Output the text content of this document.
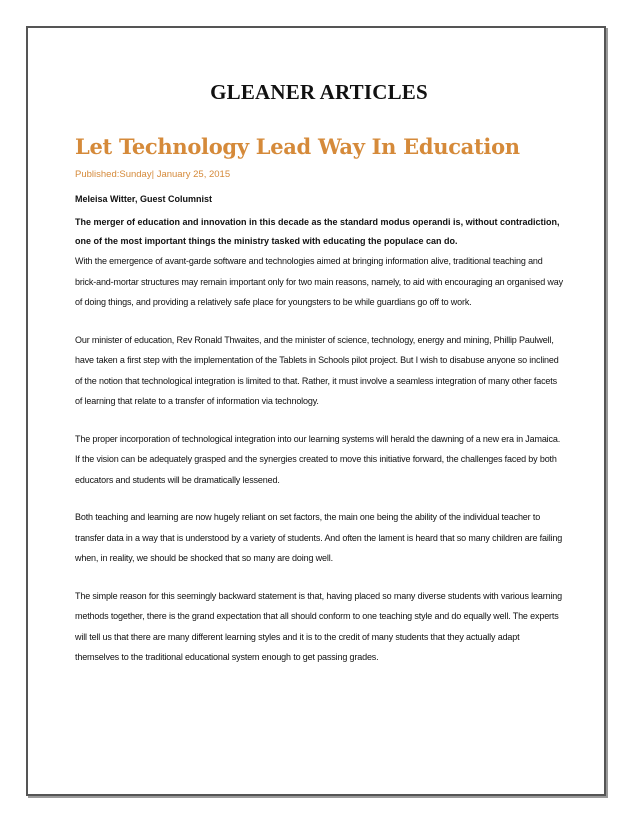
GLEANER ARTICLES
Let Technology Lead Way In Education
Published:Sunday| January 25, 2015
Meleisa Witter, Guest Columnist

The merger of education and innovation in this decade as the standard modus operandi is, without contradiction, one of the most important things the ministry tasked with educating the populace can do.

With the emergence of avant-garde software and technologies aimed at bringing information alive, traditional teaching and brick-and-mortar structures may remain important only for two main reasons, namely, to aid with encouraging an organised way of doing things, and providing a relatively safe place for youngsters to be while guardians go off to work.

Our minister of education, Rev Ronald Thwaites, and the minister of science, technology, energy and mining, Phillip Paulwell, have taken a first step with the implementation of the Tablets in Schools pilot project. But I wish to disabuse anyone so inclined of the notion that technological integration is limited to that. Rather, it must involve a seamless integration of many other facets of learning that relate to a transfer of information via technology.

The proper incorporation of technological integration into our learning systems will herald the dawning of a new era in Jamaica. If the vision can be adequately grasped and the synergies created to move this initiative forward, the challenges faced by both educators and students will be dramatically lessened.

Both teaching and learning are now hugely reliant on set factors, the main one being the ability of the individual teacher to transfer data in a way that is understood by a variety of students. And often the lament is heard that so many children are failing when, in reality, we should be shocked that so many are doing well.

The simple reason for this seemingly backward statement is that, having placed so many diverse students with various learning methods together, there is the grand expectation that all should conform to one teaching style and do equally well. The experts will tell us that there are many different learning styles and it is to the credit of many students that they actually adapt themselves to the traditional educational system enough to get passing grades.
